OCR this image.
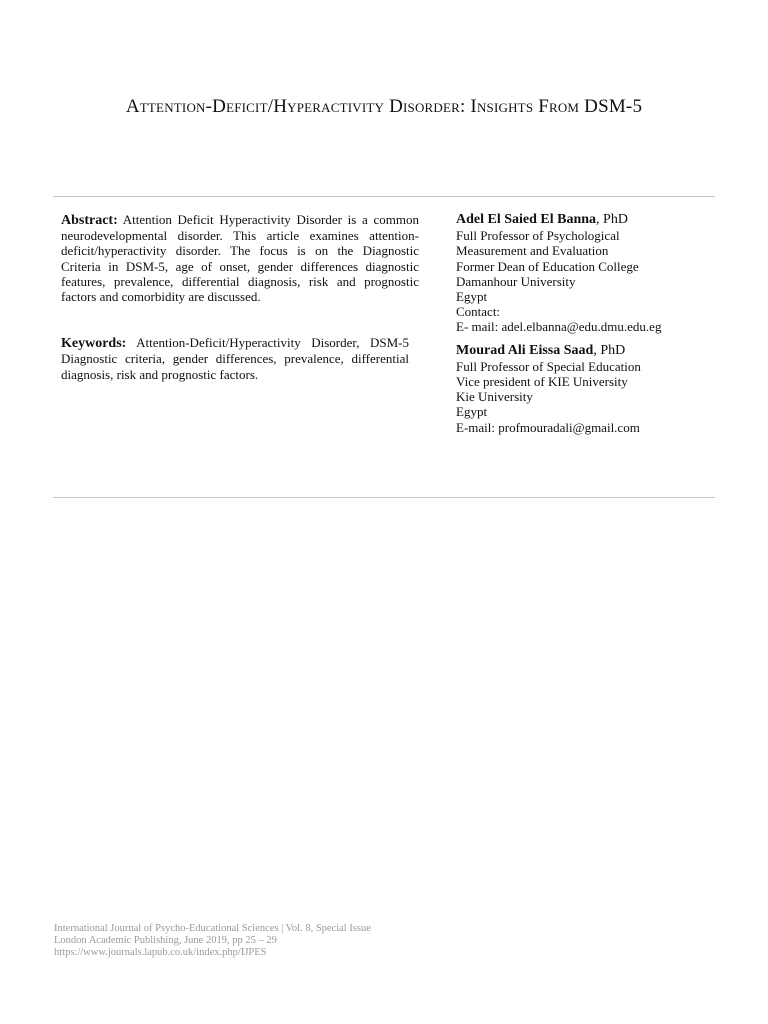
Attention-Deficit/Hyperactivity Disorder: Insights From DSM-5

Abstract: Attention Deficit Hyperactivity Disorder is a common neurodevelopmental disorder. This article examines attention-deficit/hyperactivity disorder. The focus is on the Diagnostic Criteria in DSM-5, age of onset, gender differences diagnostic features, prevalence, differential diagnosis, risk and prognostic factors and comorbidity are discussed.

Keywords: Attention-Deficit/Hyperactivity Disorder, DSM-5 Diagnostic criteria, gender differences, prevalence, differential diagnosis, risk and prognostic factors.

Adel El Saied El Banna, PhD
Full Professor of Psychological
Measurement and Evaluation
Former Dean of Education College
Damanhour University
Egypt
Contact:
E- mail: adel.elbanna@edu.dmu.edu.eg
Mourad Ali Eissa Saad, PhD
Full Professor of Special Education
Vice president of KIE University
Kie University
Egypt
E-mail: profmouradali@gmail.com
International Journal of Psycho-Educational Sciences | Vol. 8, Special Issue
London Academic Publishing, June 2019, pp 25 – 29
https://www.journals.lapub.co.uk/index.php/IJPES
